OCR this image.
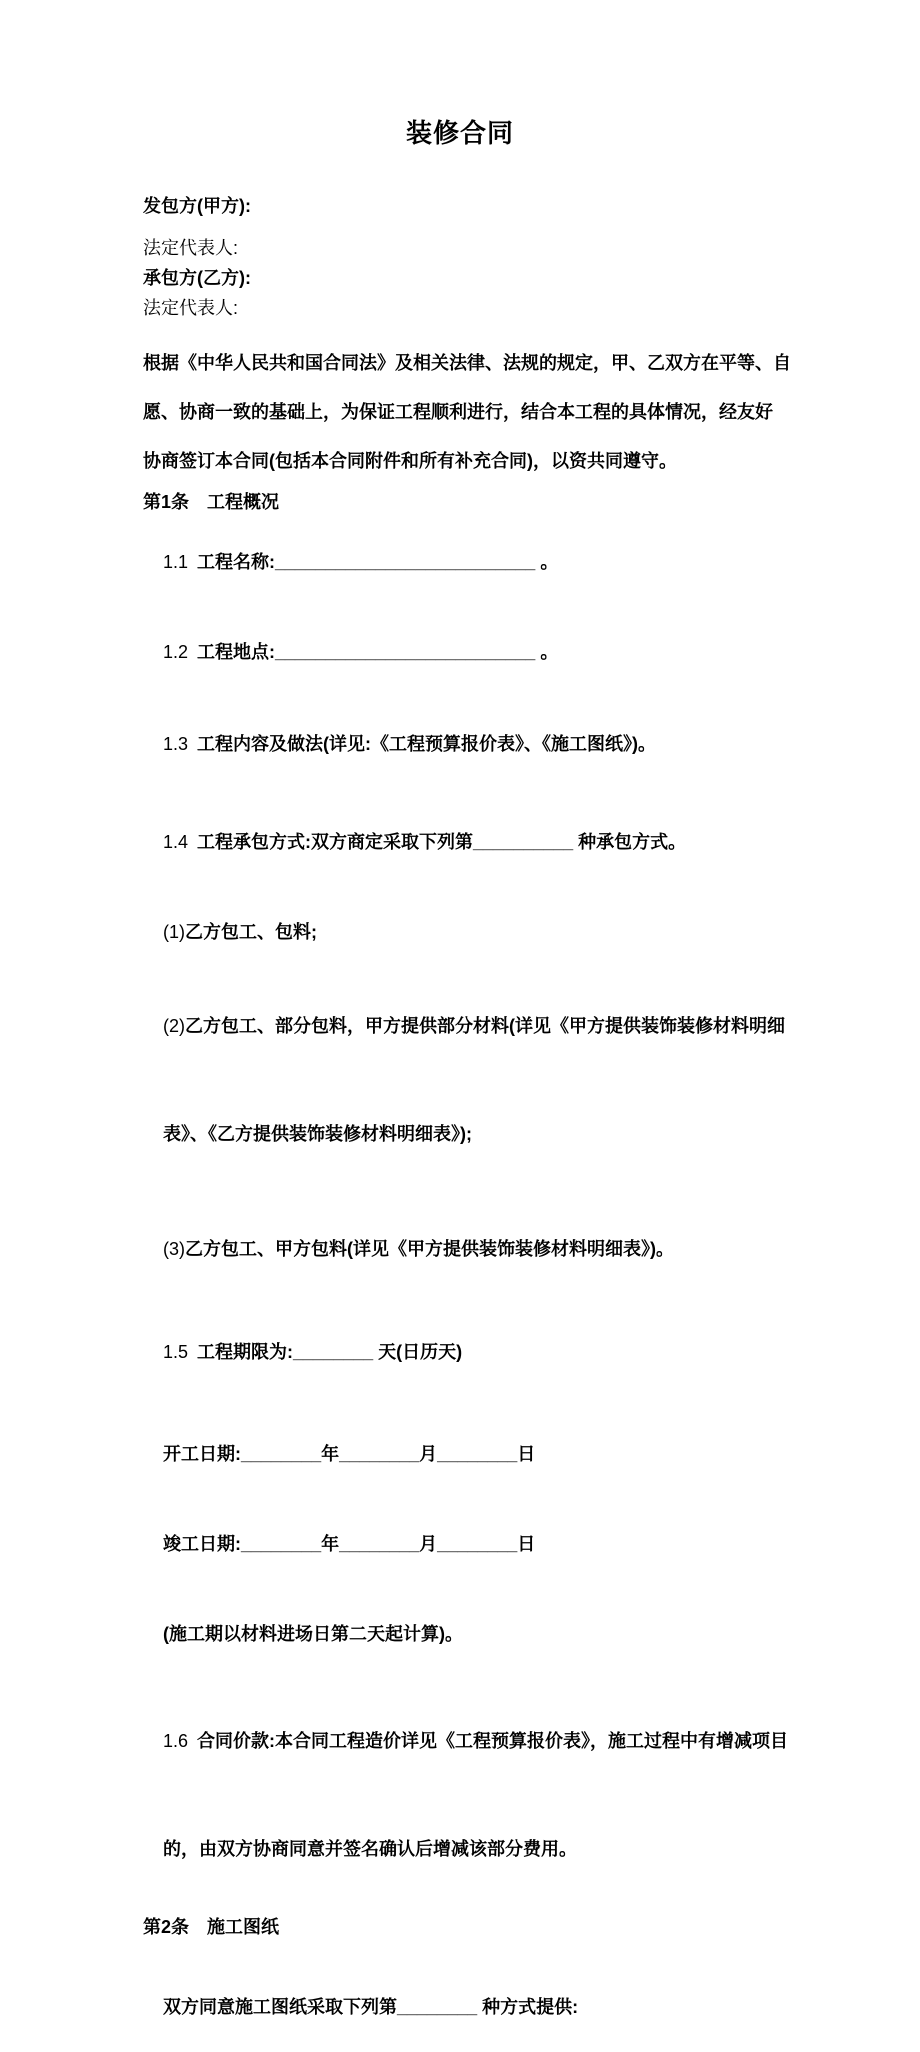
装修合同
发包方(甲方):
法定代表人:
承包方(乙方):
法定代表人:
根据《中华人民共和国合同法》及相关法律、法规的规定，甲、乙双方在平等、自
愿、协商一致的基础上，为保证工程顺利进行，结合本工程的具体情况，经友好
协商签订本合同(包括本合同附件和所有补充合同)，以资共同遵守。
第1条　工程概况

1.1 工程名称:__________________________ 。

1.2 工程地点:__________________________ 。

1.3 工程内容及做法(详见:《工程预算报价表》、《施工图纸》)。

1.4 工程承包方式:双方商定采取下列第__________ 种承包方式。

(1)乙方包工、包料;

(2)乙方包工、部分包料，甲方提供部分材料(详见《甲方提供装饰装修材料明细

表》、《乙方提供装饰装修材料明细表》);

(3)乙方包工、甲方包料(详见《甲方提供装饰装修材料明细表》)。

1.5 工程期限为:________ 天(日历天)

开工日期:________年________月________日

竣工日期:________年________月________日

(施工期以材料进场日第二天起计算)。

1.6 合同价款:本合同工程造价详见《工程预算报价表》，施工过程中有增减项目

的，由双方协商同意并签名确认后增减该部分费用。

第2条　施工图纸

双方同意施工图纸采取下列第________ 种方式提供:
